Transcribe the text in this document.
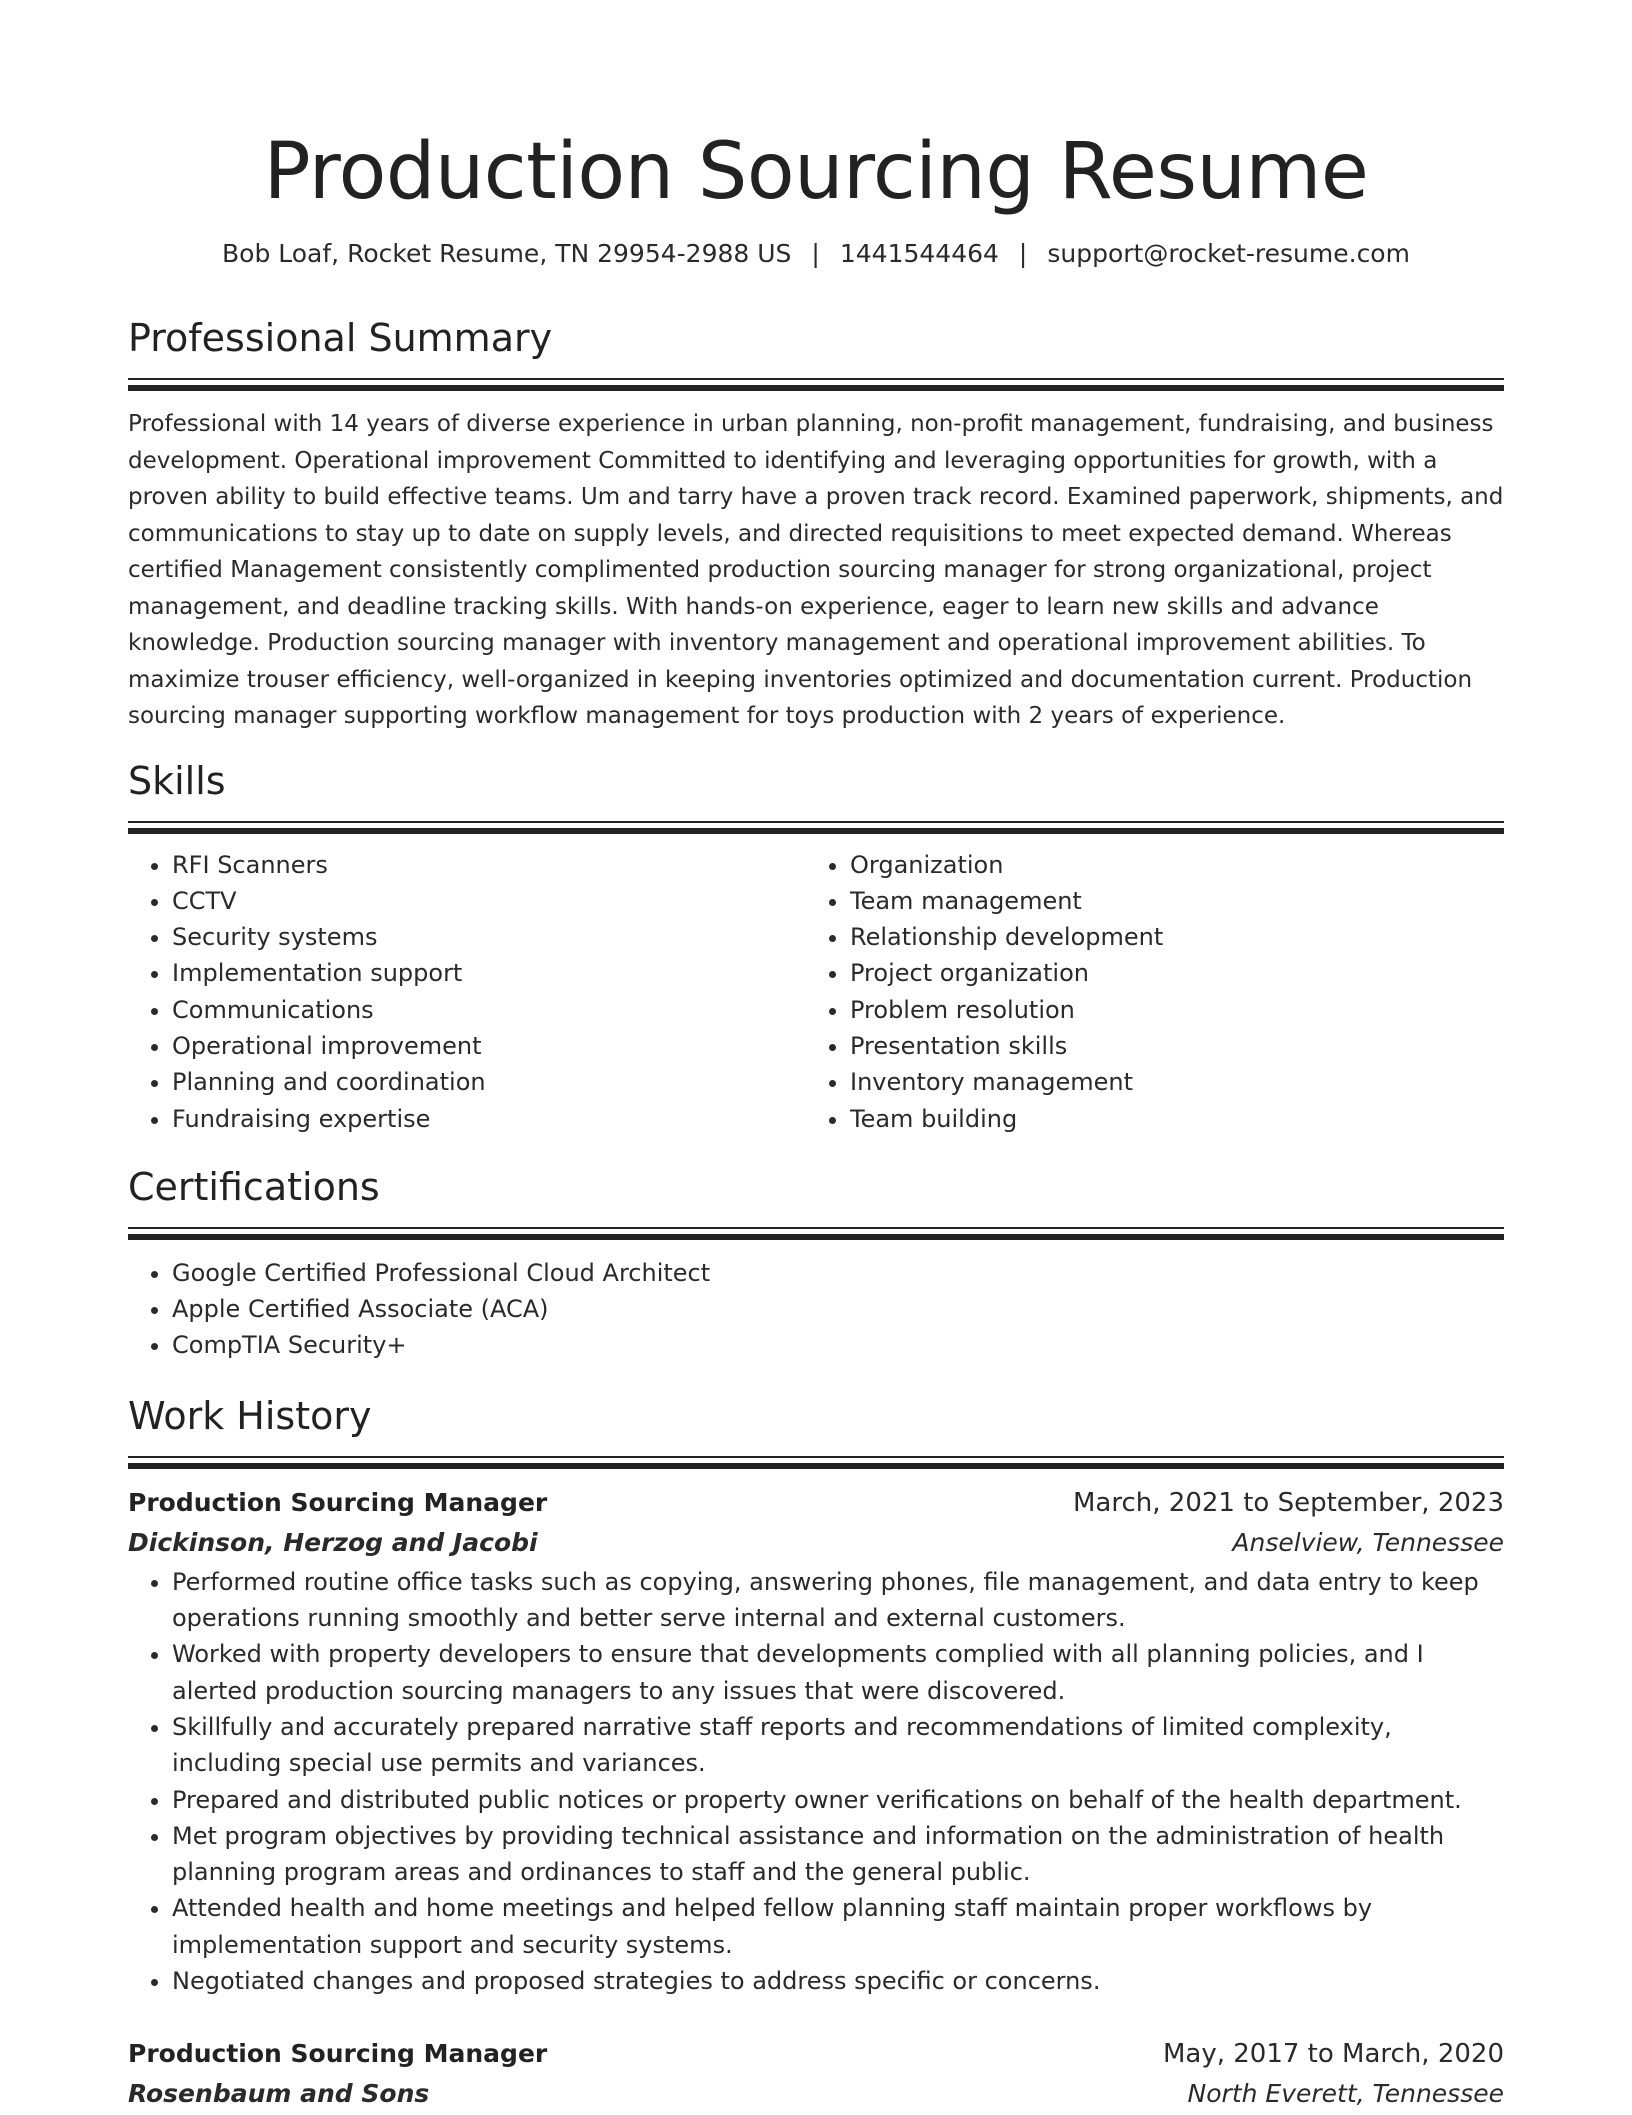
Production Sourcing Resume
Bob Loaf, Rocket Resume, TN 29954-2988 US | 1441544464 | support@rocket-resume.com
Professional Summary

Professional with 14 years of diverse experience in urban planning, non-profit management, fundraising, and business development. Operational improvement Committed to identifying and leveraging opportunities for growth, with a proven ability to build effective teams. Um and tarry have a proven track record. Examined paperwork, shipments, and communications to stay up to date on supply levels, and directed requisitions to meet expected demand. Whereas certified Management consistently complimented production sourcing manager for strong organizational, project management, and deadline tracking skills. With hands-on experience, eager to learn new skills and advance knowledge. Production sourcing manager with inventory management and operational improvement abilities. To maximize trouser efficiency, well-organized in keeping inventories optimized and documentation current. Production sourcing manager supporting workflow management for toys production with 2 years of experience.

Skills
• RFI Scanners
• CCTV
• Security systems
• Implementation support
• Communications
• Operational improvement
• Planning and coordination
• Fundraising expertise
• Organization
• Team management
• Relationship development
• Project organization
• Problem resolution
• Presentation skills
• Inventory management
• Team building
Certifications
• Google Certified Professional Cloud Architect
• Apple Certified Associate (ACA)
• CompTIA Security+
Work History
Production Sourcing Manager	March, 2021 to September, 2023
Dickinson, Herzog and Jacobi	Anselview, Tennessee
• Performed routine office tasks such as copying, answering phones, file management, and data entry to keep operations running smoothly and better serve internal and external customers.
• Worked with property developers to ensure that developments complied with all planning policies, and I alerted production sourcing managers to any issues that were discovered.
• Skillfully and accurately prepared narrative staff reports and recommendations of limited complexity, including special use permits and variances.
• Prepared and distributed public notices or property owner verifications on behalf of the health department.
• Met program objectives by providing technical assistance and information on the administration of health planning program areas and ordinances to staff and the general public.
• Attended health and home meetings and helped fellow planning staff maintain proper workflows by implementation support and security systems.
• Negotiated changes and proposed strategies to address specific or concerns.
Production Sourcing Manager	May, 2017 to March, 2020
Rosenbaum and Sons	North Everett, Tennessee
